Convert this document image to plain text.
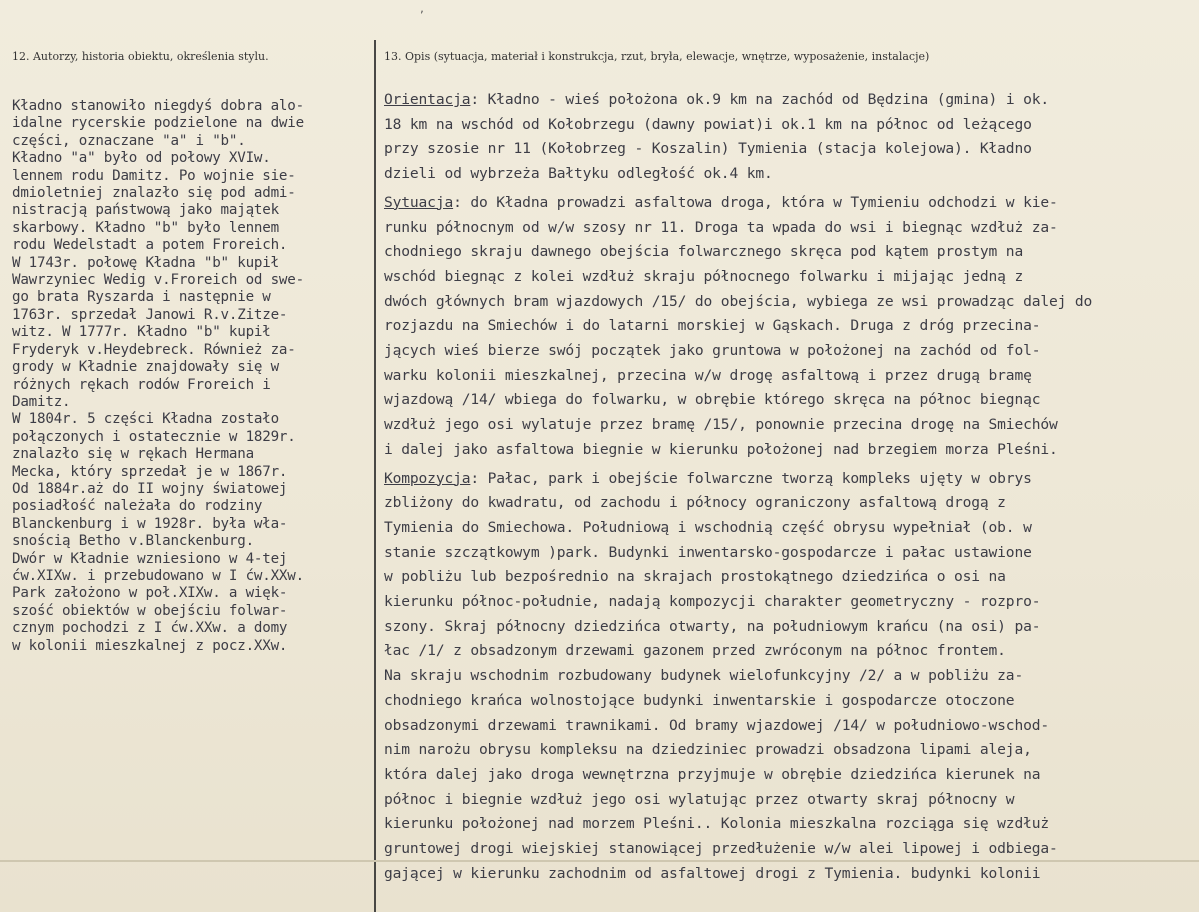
,
12. Autorzy, historia obiektu, określenia stylu.	13. Opis (sytuacja, materiał i konstrukcja, rzut, bryła, elewacje, wnętrze, wyposażenie, instalacje)
Kładno stanowiło niegdyś dobra alo-
idalne rycerskie podzielone na dwie
części, oznaczane "a" i "b".
Kładno "a" było od połowy XVIw.
lennem rodu Damitz. Po wojnie sie-
dmioletniej znalazło się pod admi-
nistracją państwową jako majątek
skarbowy. Kładno "b" było lennem
rodu Wedelstadt a potem Froreich.
W 1743r. połowę Kładna "b" kupił
Wawrzyniec Wedig v.Froreich od swe-
go brata Ryszarda i następnie w
1763r. sprzedał Janowi R.v.Zitze-
witz. W 1777r. Kładno "b" kupił
Fryderyk v.Heydebreck. Również za-
grody w Kładnie znajdowały się w
różnych rękach rodów Froreich i
Damitz.
W 1804r. 5 części Kładna zostało
połączonych i ostatecznie w 1829r.
znalazło się w rękach Hermana
Mecka, który sprzedał je w 1867r.
Od 1884r.aż do II wojny światowej
posiadłość należała do rodziny
Blanckenburg i w 1928r. była wła-
snością Betho v.Blanckenburg.
Dwór w Kładnie wzniesiono w 4-tej
ćw.XIXw. i przebudowano w I ćw.XXw.
Park założono w poł.XIXw. a więk-
szość obiektów w obejściu folwar-
cznym pochodzi z I ćw.XXw. a domy
w kolonii mieszkalnej z pocz.XXw.

Orientacja: Kładno - wieś położona ok.9 km na zachód od Będzina (gmina) i ok.
18 km na wschód od Kołobrzegu (dawny powiat)i ok.1 km na północ od leżącego
przy szosie nr 11 (Kołobrzeg - Koszalin) Tymienia (stacja kolejowa). Kładno
dzieli od wybrzeża Bałtyku odległość ok.4 km.

Sytuacja: do Kładna prowadzi asfaltowa droga, która w Tymieniu odchodzi w kie-
runku północnym od w/w szosy nr 11. Droga ta wpada do wsi i biegnąc wzdłuż za-
chodniego skraju dawnego obejścia folwarcznego skręca pod kątem prostym na
wschód biegnąc z kolei wzdłuż skraju północnego folwarku i mijając jedną z
dwóch głównych bram wjazdowych /15/ do obejścia, wybiega ze wsi prowadząc dalej do
rozjazdu na Smiechów i do latarni morskiej w Gąskach. Druga z dróg przecina-
jących wieś bierze swój początek jako gruntowa w położonej na zachód od fol-
warku kolonii mieszkalnej, przecina w/w drogę asfaltową i przez drugą bramę
wjazdową /14/ wbiega do folwarku, w obrębie którego skręca na północ biegnąc
wzdłuż jego osi wylatuje przez bramę /15/, ponownie przecina drogę na Smiechów
i dalej jako asfaltowa biegnie w kierunku położonej nad brzegiem morza Pleśni.

Kompozycja: Pałac, park i obejście folwarczne tworzą kompleks ujęty w obrys
zbliżony do kwadratu, od zachodu i północy ograniczony asfaltową drogą z
Tymienia do Smiechowa. Południową i wschodnią część obrysu wypełniał (ob. w
stanie szczątkowym )park. Budynki inwentarsko-gospodarcze i pałac ustawione
w pobliżu lub bezpośrednio na skrajach prostokątnego dziedzińca o osi na
kierunku północ-południe, nadają kompozycji charakter geometryczny - rozpro-
szony. Skraj północny dziedzińca otwarty, na południowym krańcu (na osi) pa-
łac /1/ z obsadzonym drzewami gazonem przed zwróconym na północ frontem.
Na skraju wschodnim rozbudowany budynek wielofunkcyjny /2/ a w pobliżu za-
chodniego krańca wolnostojące budynki inwentarskie i gospodarcze otoczone
obsadzonymi drzewami trawnikami. Od bramy wjazdowej /14/ w południowo-wschod-
nim narożu obrysu kompleksu na dziedziniec prowadzi obsadzona lipami aleja,
która dalej jako droga wewnętrzna przyjmuje w obrębie dziedzińca kierunek na
północ i biegnie wzdłuż jego osi wylatując przez otwarty skraj północny w
kierunku położonej nad morzem Pleśni.. Kolonia mieszkalna rozciąga się wzdłuż
gruntowej drogi wiejskiej stanowiącej przedłużenie w/w alei lipowej i odbiega-
gającej w kierunku zachodnim od asfaltowej drogi z Tymienia. budynki kolonii
